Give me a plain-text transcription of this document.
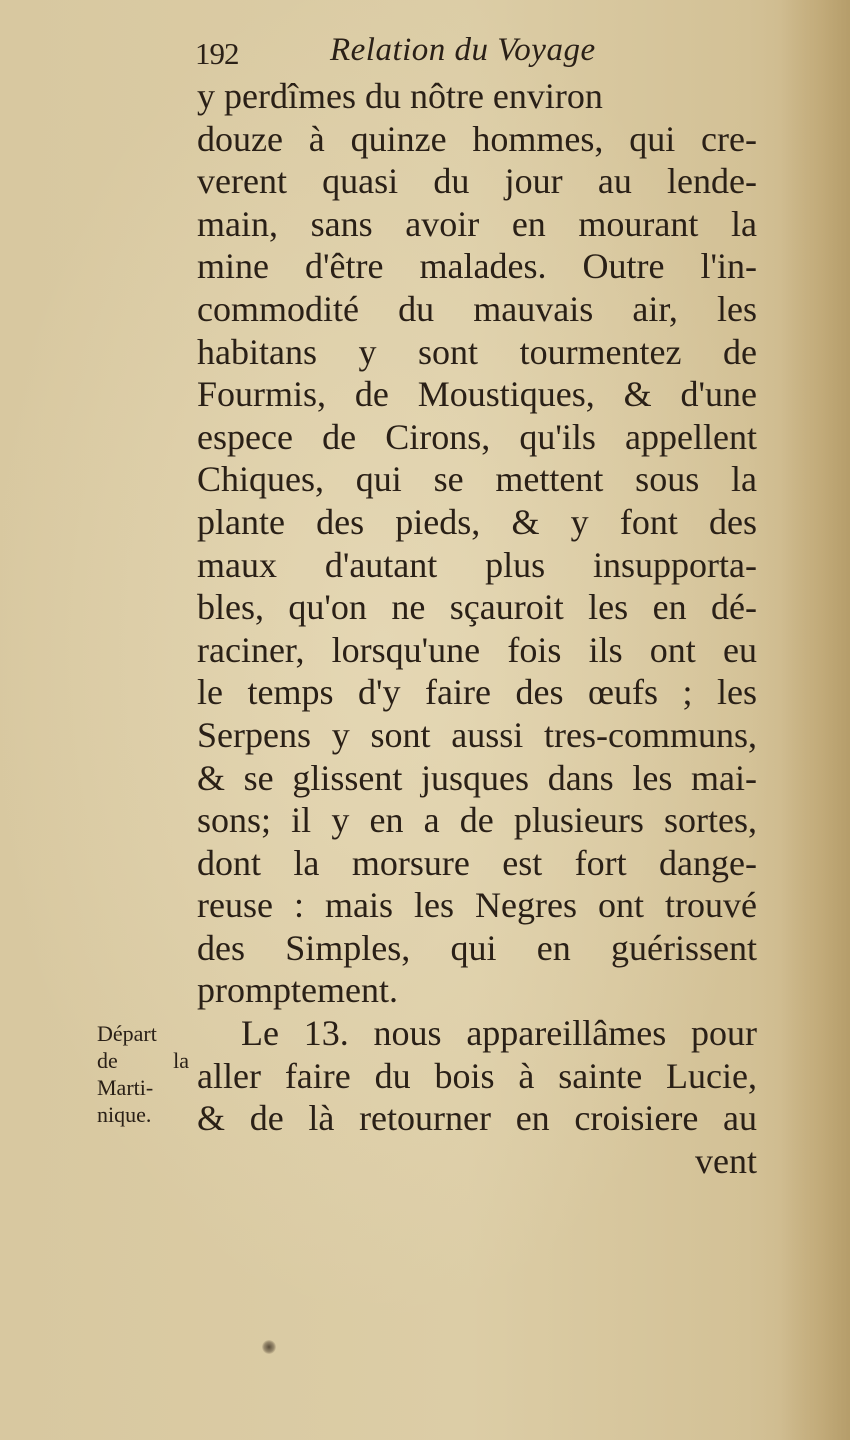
192	Relation du Voyage
y perdîmes du nôtre environ
douze à quinze hommes, qui cre-
verent quasi du jour au lende-
main, sans avoir en mourant la
mine d'être malades. Outre l'in-
commodité du mauvais air, les
habitans y sont tourmentez de
Fourmis, de Moustiques, & d'une
espece de Cirons, qu'ils appellent
Chiques, qui se mettent sous la
plante des pieds, & y font des
maux d'autant plus insupporta-
bles, qu'on ne sçauroit les en dé-
raciner, lorsqu'une fois ils ont eu
le temps d'y faire des œufs ; les
Serpens y sont aussi tres-communs,
& se glissent jusques dans les mai-
sons; il y en a de plusieurs sortes,
dont la morsure est fort dange-
reuse : mais les Negres ont trouvé
des Simples, qui en guérissent
promptement.
Le 13. nous appareillâmes pour
aller faire du bois à sainte Lucie,
& de là retourner en croisiere au
vent
Départ
de la
Marti-
nique.
